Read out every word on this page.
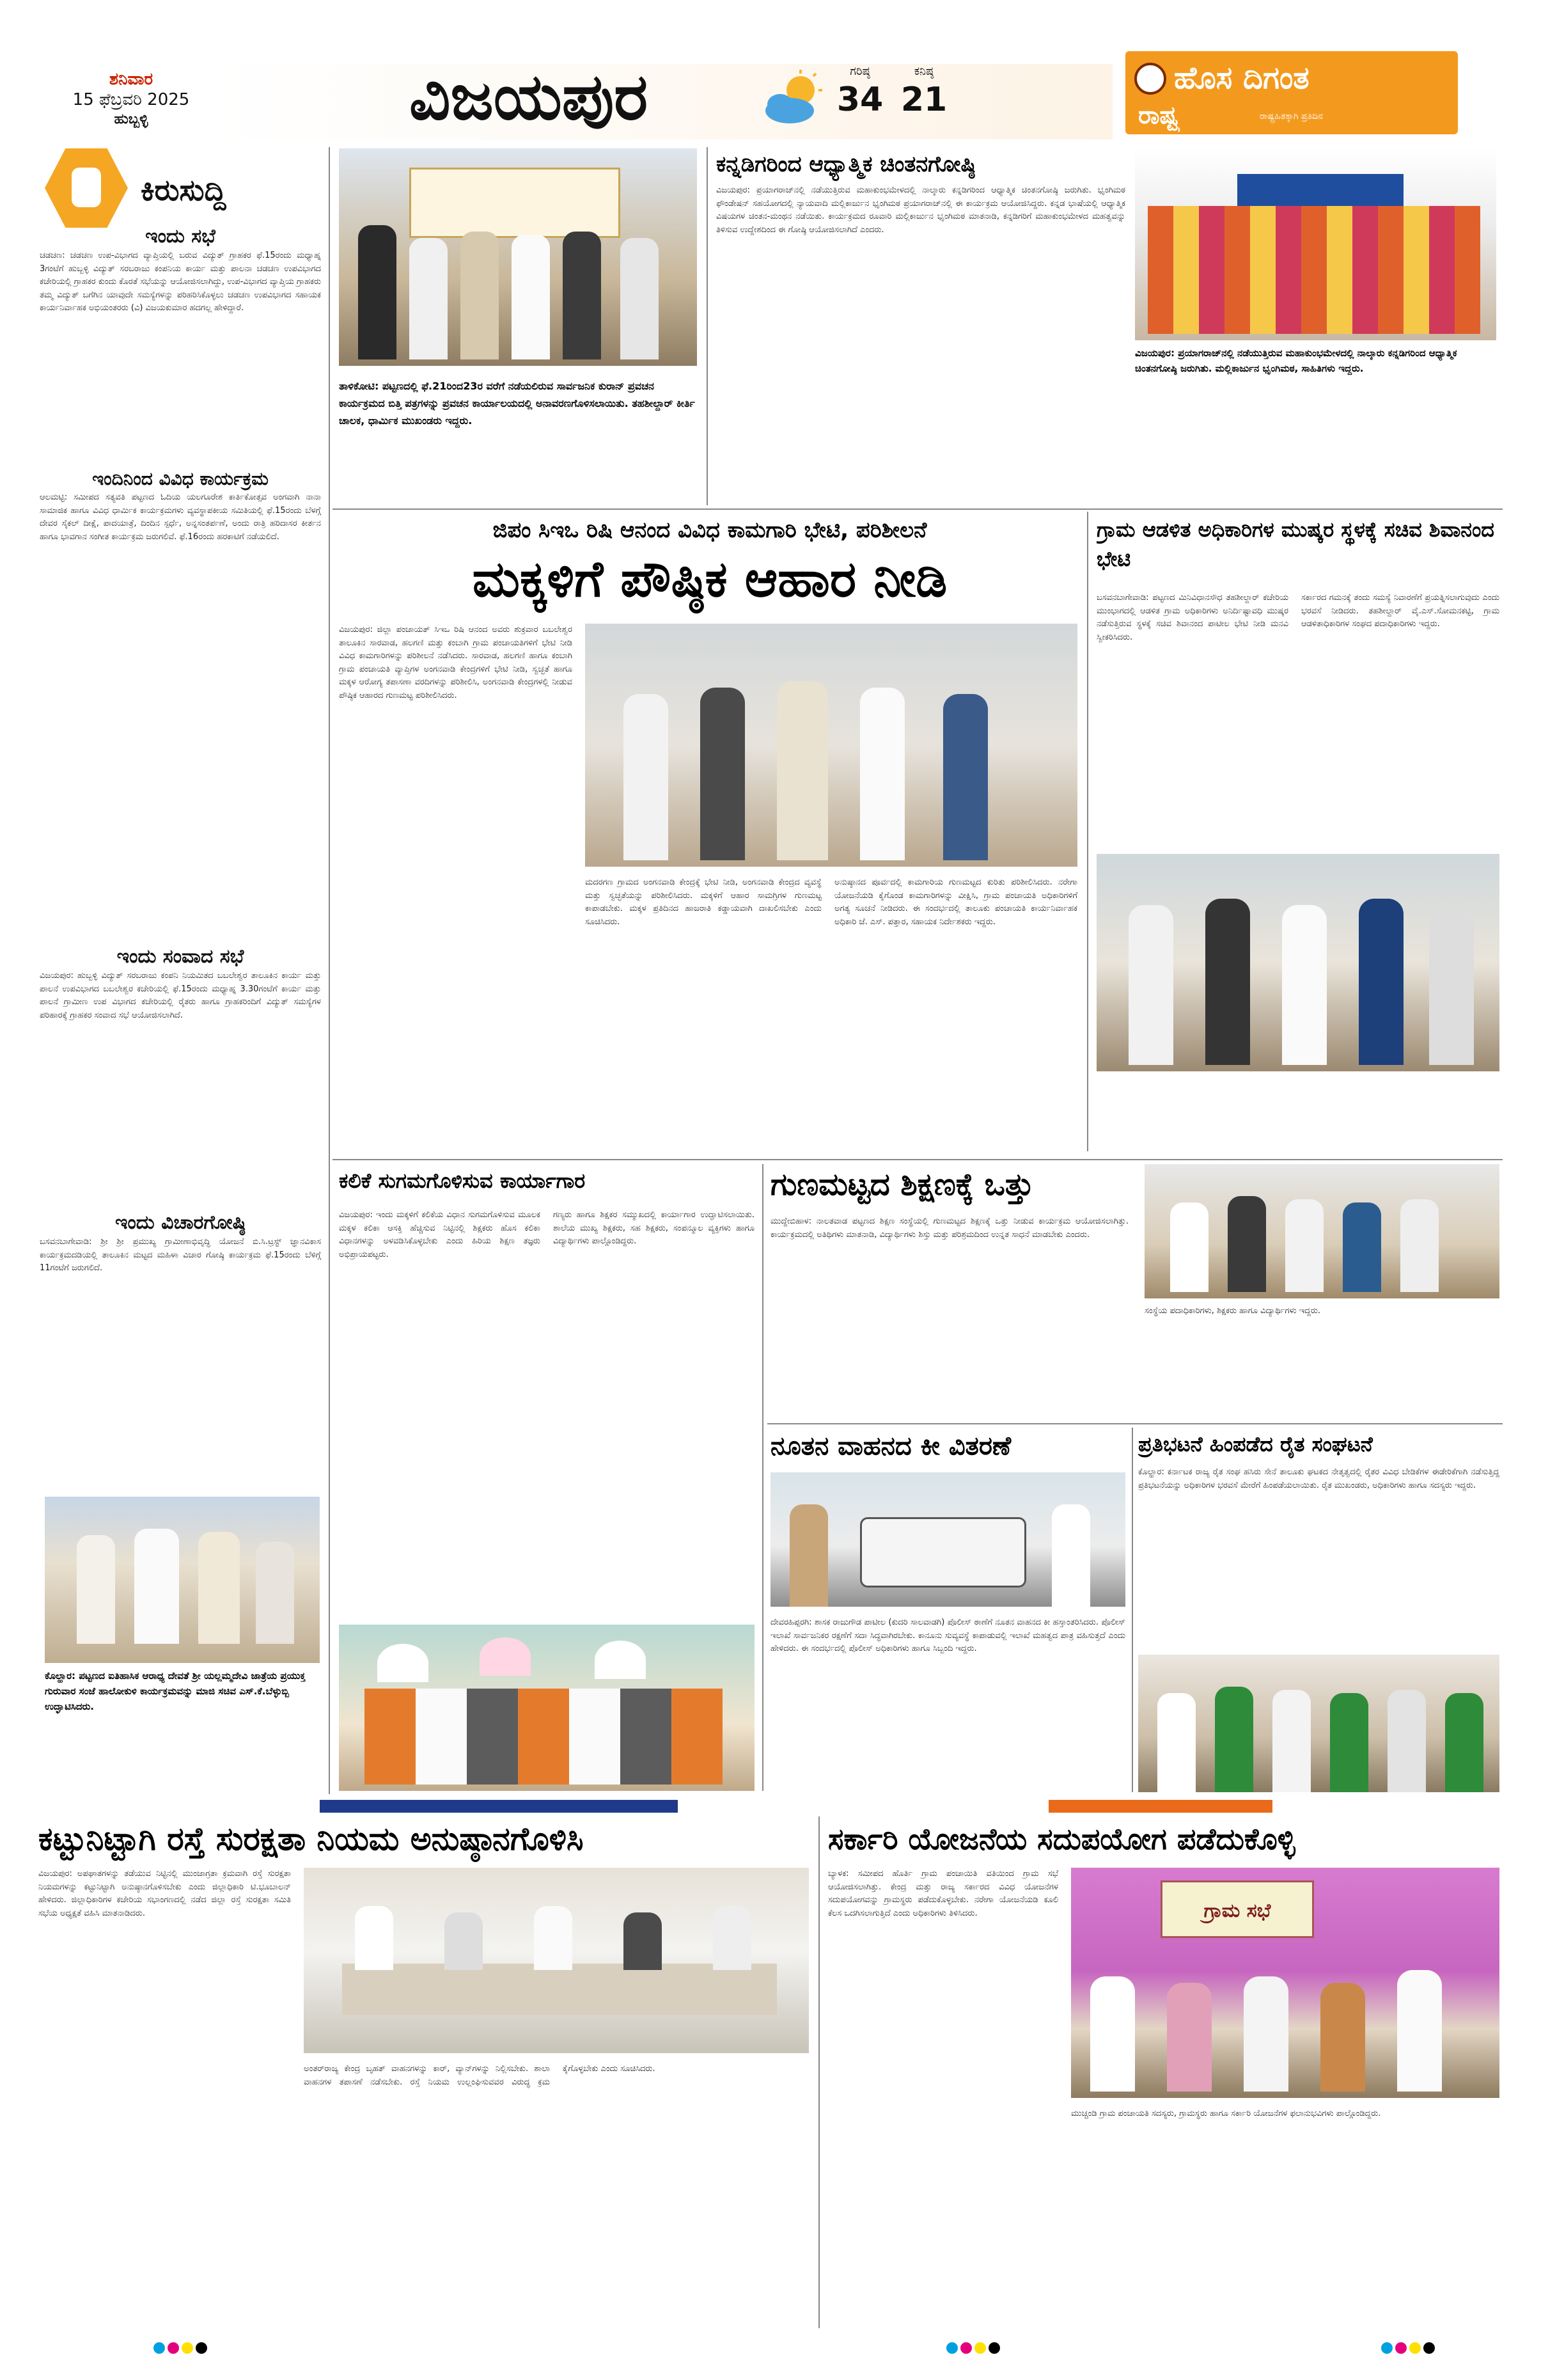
ಶನಿವಾರ
15 ಫೆಬ್ರವರಿ 2025
ಹುಬ್ಬಳ್ಳಿ	ವಿಜಯಪುರ	ಗರಿಷ್ಠ
34
ಕನಿಷ್ಠ
21
ಹೊಸ ದಿಗಂತ
ರಾಷ್ಟ್ರ	ರಾಷ್ಟ್ರಹಿತಕ್ಕಾಗಿ ಪ್ರತಿದಿನ
ಕಿರುಸುದ್ದಿ
ಇಂದು ಸಭೆ
ಚಡಚಣ: ಚಡಚಣ ಉಪ-ವಿಭಾಗದ ವ್ಯಾಪ್ತಿಯಲ್ಲಿ ಬರುವ ವಿದ್ಯುತ್ ಗ್ರಾಹಕರ ಫೆ.15ರಂದು ಮಧ್ಯಾಹ್ನ 3ಗಂಟೆಗೆ ಹುಬ್ಬಳ್ಳಿ ವಿದ್ಯುತ್ ಸರಬರಾಜು ಕಂಪನಿಯ ಕಾರ್ಯ ಮತ್ತು ಪಾಲನಾ ಚಡಚಣ ಉಪವಿಭಾಗದ ಕಚೇರಿಯಲ್ಲಿ ಗ್ರಾಹಕರ ಕುಂದು ಕೊರತೆ ಸಭೆಯನ್ನು ಆಯೋಜಿಸಲಾಗಿದ್ದು, ಉಪ-ವಿಭಾಗದ ವ್ಯಾಪ್ತಿಯ ಗ್ರಾಹಕರು ತಮ್ಮ ವಿದ್ಯುತ್ ಬಗೆಗಿನ ಯಾವುದೇ ಸಮಸ್ಯೆಗಳನ್ನು ಪರಿಹರಿಸಿಕೊಳ್ಳಲು ಚಡಚಣ ಉಪವಿಭಾಗದ ಸಹಾಯಕ ಕಾರ್ಯನಿರ್ವಾಹಕ ಅಭಿಯಂತರರು (ವಿ) ವಿಜಯಕುಮಾರ ಹದಗಲ್ಲ ಹೇಳಿದ್ದಾರೆ.
ಇಂದಿನಿಂದ ವಿವಿಧ ಕಾರ್ಯಕ್ರಮ
ಆಲಮಟ್ಟಿ: ಸಮೀಪದ ಸತ್ಯವತಿ ಪಟ್ಟಣದ ಓದಿಯ ಯಲಗೂರೇಶ ಕಾರ್ತಿಕೋತ್ಸವ ಅಂಗವಾಗಿ ನಾನಾ ಸಾಮಾಜಿಕ ಹಾಗೂ ವಿವಿಧ ಧಾರ್ಮಿಕ ಕಾರ್ಯಕ್ರಮಗಳು ವ್ಯವಸ್ಥಾಪಕೀಯ ಸಮಿತಿಯಲ್ಲಿ ಫೆ.15ರಂದು ಬೆಳಗ್ಗೆ ದೇವರ ಸೈಕಲ್ ದೀಕ್ಷೆ, ಪಾದಯಾತ್ರೆ, ದಿಂದಿನ ಸ್ಪರ್ಧೆ, ಅನ್ನಸಂತರ್ಪಣೆ, ಅಂದು ರಾತ್ರಿ ಹರಿದಾಸರ ಕೀರ್ತನ ಹಾಗೂ ಭಾವಗಾನ ಸಂಗೀತ ಕಾರ್ಯಕ್ರಮ ಜರುಗಲಿವೆ. ಫೆ.16ರಂದು ಹರಕಾಟಿಗೆ ನಡೆಯಲಿದೆ.
ಇಂದು ಸಂವಾದ ಸಭೆ
ವಿಜಯಪುರ: ಹುಬ್ಬಳ್ಳಿ ವಿದ್ಯುತ್ ಸರಬರಾಜು ಕಂಪನಿ ನಿಯಮಿತದ ಬಬಲೇಶ್ವರ ತಾಲೂಕಿನ ಕಾರ್ಯ ಮತ್ತು ಪಾಲನೆ ಉಪವಿಭಾಗದ ಬಬಲೇಶ್ವರ ಕಚೇರಿಯಲ್ಲಿ ಫೆ.15ರಂದು ಮಧ್ಯಾಹ್ನ 3.30ಗಂಟೆಗೆ ಕಾರ್ಯ ಮತ್ತು ಪಾಲನೆ ಗ್ರಾಮೀಣ ಉಪ ವಿಭಾಗದ ಕಚೇರಿಯಲ್ಲಿ ರೈತರು ಹಾಗೂ ಗ್ರಾಹಕರಿಂದಿಗೆ ವಿದ್ಯುತ್ ಸಮಸ್ಯೆಗಳ ಪರಿಹಾರಕ್ಕೆ ಗ್ರಾಹಕರ ಸಂವಾದ ಸಭೆ ಆಯೋಜಿಸಲಾಗಿದೆ.
ಇಂದು ವಿಚಾರಗೋಷ್ಠಿ
ಬಸವನಬಾಗೇವಾಡಿ: ಶ್ರೀ ಶ್ರೀ ಪ್ರಮುಖ್ಯ ಗ್ರಾಮೀಣಾಭಿವೃದ್ಧಿ ಯೋಜನೆ ಬಿ.ಸಿ.ಟ್ರಸ್ಟ್ ಜ್ಞಾನವಿಕಾಸ ಕಾರ್ಯಕ್ರಮದಡಿಯಲ್ಲಿ ತಾಲೂಕಿನ ಮಟ್ಟದ ಮಹಿಳಾ ವಿಚಾರ ಗೋಷ್ಠಿ ಕಾರ್ಯಕ್ರಮ ಫೆ.15ರಂದು ಬೆಳಿಗ್ಗೆ 11ಗಂಟೆಗೆ ಜರುಗಲಿದೆ.
ಕೊಲ್ಹಾರ: ಪಟ್ಟಣದ ಐತಿಹಾಸಿಕ ಆರಾಧ್ಯ ದೇವತೆ ಶ್ರೀ ಯಲ್ಲಮ್ಮದೇವಿ ಜಾತ್ರೆಯ ಪ್ರಯುಕ್ತ ಗುರುವಾರ ಸಂಜೆ ಹಾಲೋಕುಳಿ ಕಾರ್ಯಕ್ರಮವನ್ನು ಮಾಜಿ ಸಚಿವ ಎಸ್.ಕೆ.ಬೆಳ್ಳುಬ್ಬಿ ಉದ್ಘಾಟಿಸಿದರು.
ತಾಳಿಕೋಟಿ: ಪಟ್ಟಣದಲ್ಲಿ ಫೆ.21ರಿಂದ23ರ ವರೆಗೆ ನಡೆಯಲಿರುವ ಸಾರ್ವಜನಿಕ ಕುರಾನ್ ಪ್ರವಚನ ಕಾರ್ಯಕ್ರಮದ ಬಿತ್ತಿ ಪತ್ರಗಳನ್ನು ಪ್ರವಚನ ಕಾರ್ಯಾಲಯದಲ್ಲಿ ಅನಾವರಣಗೊಳಿಸಲಾಯಿತು. ತಹಶೀಲ್ದಾರ್ ಕೀರ್ತಿ ಚಾಲಕ, ಧಾರ್ಮಿಕ ಮುಖಂಡರು ಇದ್ದರು.
ಕನ್ನಡಿಗರಿಂದ ಆಧ್ಯಾತ್ಮಿಕ ಚಿಂತನಗೋಷ್ಠಿ
ವಿಜಯಪುರ: ಪ್ರಯಾಗರಾಜ್‌ನಲ್ಲಿ ನಡೆಯುತ್ತಿರುವ ಮಹಾಕುಂಭಮೇಳದಲ್ಲಿ ನಾಲ್ಕಾರು ಕನ್ನಡಿಗರಿಂದ ಆಧ್ಯಾತ್ಮಿಕ ಚಿಂತನಗೋಷ್ಠಿ ಜರುಗಿತು. ಭೃಂಗಿಮಠ ಫೌಂಡೇಷನ್ ಸಹಯೋಗದಲ್ಲಿ ನ್ಯಾಯವಾದಿ ಮಲ್ಲಿಕಾರ್ಜುನ ಭೃಂಗಿಮಠ ಪ್ರಯಾಗರಾಜ್‌ನಲ್ಲಿ ಈ ಕಾರ್ಯಕ್ರಮ ಆಯೋಜಿಸಿದ್ದರು. ಕನ್ನಡ ಭಾಷೆಯಲ್ಲಿ ಆಧ್ಯಾತ್ಮಿಕ ವಿಷಯಗಳ ಚಿಂತನ-ಮಂಥನ ನಡೆಯಿತು. ಕಾರ್ಯಕ್ರಮದ ರೂವಾರಿ ಮಲ್ಲಿಕಾರ್ಜುನ ಭೃಂಗಿಮಠ ಮಾತನಾಡಿ, ಕನ್ನಡಿಗರಿಗೆ ಮಹಾಕುಂಭಮೇಳದ ಮಹತ್ವವನ್ನು ತಿಳಿಸುವ ಉದ್ದೇಶದಿಂದ ಈ ಗೋಷ್ಠಿ ಆಯೋಜಿಸಲಾಗಿದೆ ಎಂದರು.
ವಿಜಯಪುರ: ಪ್ರಯಾಗರಾಜ್‌ನಲ್ಲಿ ನಡೆಯುತ್ತಿರುವ ಮಹಾಕುಂಭಮೇಳದಲ್ಲಿ ನಾಲ್ಕಾರು ಕನ್ನಡಿಗರಿಂದ ಆಧ್ಯಾತ್ಮಿಕ ಚಿಂತನಗೋಷ್ಠಿ ಜರುಗಿತು. ಮಲ್ಲಿಕಾರ್ಜುನ ಭೃಂಗಿಮಠ, ಸಾಹಿತಿಗಳು ಇದ್ದರು.
ಜಿಪಂ ಸಿಇಒ ರಿಷಿ ಆನಂದ ವಿವಿಧ ಕಾಮಗಾರಿ ಭೇಟಿ, ಪರಿಶೀಲನೆ
ಮಕ್ಕಳಿಗೆ ಪೌಷ್ಠಿಕ ಆಹಾರ ನೀಡಿ
ವಿಜಯಪುರ: ಜಿಲ್ಲಾ ಪಂಚಾಯತ್ ಸಿಇಒ ರಿಷಿ ಆನಂದ ಅವರು ಶುಕ್ರವಾರ ಬಬಲೇಶ್ವರ ತಾಲೂಕಿನ ಸಾರವಾಡ, ಹಲಗಣಿ ಮತ್ತು ಕಂಬಾಗಿ ಗ್ರಾಮ ಪಂಚಾಯತಿಗಳಿಗೆ ಭೇಟಿ ನೀಡಿ ವಿವಿಧ ಕಾಮಗಾರಿಗಳನ್ನು ಪರಿಶೀಲನೆ ನಡೆಸಿದರು. ಸಾರವಾಡ, ಹಲಗಣಿ ಹಾಗೂ ಕಂಬಾಗಿ ಗ್ರಾಮ ಪಂಚಾಯತಿ ವ್ಯಾಪ್ತಿಗಳ ಅಂಗನವಾಡಿ ಕೇಂದ್ರಗಳಿಗೆ ಭೇಟಿ ನೀಡಿ, ಸ್ವಚ್ಛತೆ ಹಾಗೂ ಮಕ್ಕಳ ಆರೋಗ್ಯ ತಪಾಸಣಾ ವರದಿಗಳನ್ನು ಪರಿಶೀಲಿಸಿ, ಅಂಗನವಾಡಿ ಕೇಂದ್ರಗಳಲ್ಲಿ ನೀಡುವ ಪೌಷ್ಠಿಕ ಆಹಾರದ ಗುಣಮಟ್ಟ ಪರಿಶೀಲಿಸಿದರು.
ಮದರಗಣ ಗ್ರಾಮದ ಅಂಗನವಾಡಿ ಕೇಂದ್ರಕ್ಕೆ ಭೇಟಿ ನೀಡಿ, ಅಂಗನವಾಡಿ ಕೇಂದ್ರದ ವ್ಯವಸ್ಥೆ ಮತ್ತು ಸ್ವಚ್ಛತೆಯನ್ನು ಪರಿಶೀಲಿಸಿದರು. ಮಕ್ಕಳಿಗೆ ಆಹಾರ ಸಾಮಗ್ರಿಗಳ ಗುಣಮಟ್ಟ ಕಾಪಾಡಬೇಕು. ಮಕ್ಕಳ ಪ್ರತಿದಿನದ ಹಾಜರಾತಿ ಕಡ್ಡಾಯವಾಗಿ ದಾಖಲಿಸಬೇಕು ಎಂದು ಸೂಚಿಸಿದರು.
ಅನುಷ್ಠಾನದ ಪೂರ್ವದಲ್ಲಿ ಕಾಮಗಾರಿಯ ಗುಣಮಟ್ಟದ ಕುರಿತು ಪರಿಶೀಲಿಸಿದರು. ನರೇಗಾ ಯೋಜನೆಯಡಿ ಕೈಗೊಂಡ ಕಾಮಗಾರಿಗಳನ್ನು ವೀಕ್ಷಿಸಿ, ಗ್ರಾಮ ಪಂಚಾಯತಿ ಅಧಿಕಾರಿಗಳಿಗೆ ಅಗತ್ಯ ಸೂಚನೆ ನೀಡಿದರು. ಈ ಸಂದರ್ಭದಲ್ಲಿ ತಾಲೂಕು ಪಂಚಾಯತಿ ಕಾರ್ಯನಿರ್ವಾಹಕ ಅಧಿಕಾರಿ ಜೆ. ಎಸ್. ಪತ್ತಾರ, ಸಹಾಯಕ ನಿರ್ದೇಶಕರು ಇದ್ದರು.
ಗ್ರಾಮ ಆಡಳಿತ ಅಧಿಕಾರಿಗಳ ಮುಷ್ಕರ ಸ್ಥಳಕ್ಕೆ ಸಚಿವ ಶಿವಾನಂದ ಭೇಟಿ
ಬಸವನಬಾಗೇವಾಡಿ: ಪಟ್ಟಣದ ಮಿನಿವಿಧಾನಸೌಧ ತಹಶೀಲ್ದಾರ್ ಕಚೇರಿಯ ಮುಂಭಾಗದಲ್ಲಿ ಆಡಳಿತ ಗ್ರಾಮ ಅಧಿಕಾರಿಗಳು ಅನಿರ್ದಿಷ್ಟಾವಧಿ ಮುಷ್ಕರ ನಡೆಸುತ್ತಿರುವ ಸ್ಥಳಕ್ಕೆ ಸಚಿವ ಶಿವಾನಂದ ಪಾಟೀಲ ಭೇಟಿ ನೀಡಿ ಮನವಿ ಸ್ವೀಕರಿಸಿದರು.
ಸರ್ಕಾರದ ಗಮನಕ್ಕೆ ತಂದು ಸಮಸ್ಯೆ ನಿವಾರಣೆಗೆ ಪ್ರಯತ್ನಿಸಲಾಗುವುದು ಎಂದು ಭರವಸೆ ನೀಡಿದರು. ತಹಶೀಲ್ದಾರ್ ವೈ.ಎಸ್.ಸೋಮನಕಟ್ಟಿ, ಗ್ರಾಮ ಆಡಳಿತಾಧಿಕಾರಿಗಳ ಸಂಘದ ಪದಾಧಿಕಾರಿಗಳು ಇದ್ದರು.
ಕಲಿಕೆ ಸುಗಮಗೊಳಿಸುವ ಕಾರ್ಯಾಗಾರ
ವಿಜಯಪುರ: ಇಂದು ಮಕ್ಕಳಿಗೆ ಕಲಿಕೆಯ ವಿಧಾನ ಸುಗಮಗೊಳಿಸುವ ಮೂಲಕ ಮಕ್ಕಳ ಕಲಿಕಾ ಆಸಕ್ತಿ ಹೆಚ್ಚಿಸುವ ನಿಟ್ಟಿನಲ್ಲಿ ಶಿಕ್ಷಕರು ಹೊಸ ಕಲಿಕಾ ವಿಧಾನಗಳನ್ನು ಅಳವಡಿಸಿಕೊಳ್ಳಬೇಕು ಎಂದು ಹಿರಿಯ ಶಿಕ್ಷಣ ತಜ್ಞರು ಅಭಿಪ್ರಾಯಪಟ್ಟರು.
ಗಣ್ಯರು ಹಾಗೂ ಶಿಕ್ಷಕರ ಸಮ್ಮುಖದಲ್ಲಿ ಕಾರ್ಯಾಗಾರ ಉದ್ಘಾಟಿಸಲಾಯಿತು. ಶಾಲೆಯ ಮುಖ್ಯ ಶಿಕ್ಷಕರು, ಸಹ ಶಿಕ್ಷಕರು, ಸಂಪನ್ಮೂಲ ವ್ಯಕ್ತಿಗಳು ಹಾಗೂ ವಿದ್ಯಾರ್ಥಿಗಳು ಪಾಲ್ಗೊಂಡಿದ್ದರು.
ಗುಣಮಟ್ಟದ ಶಿಕ್ಷಣಕ್ಕೆ ಒತ್ತು
ಮುದ್ದೇಬಿಹಾಳ: ನಾಲತವಾಡ ಪಟ್ಟಣದ ಶಿಕ್ಷಣ ಸಂಸ್ಥೆಯಲ್ಲಿ ಗುಣಮಟ್ಟದ ಶಿಕ್ಷಣಕ್ಕೆ ಒತ್ತು ನೀಡುವ ಕಾರ್ಯಕ್ರಮ ಆಯೋಜಿಸಲಾಗಿತ್ತು. ಕಾರ್ಯಕ್ರಮದಲ್ಲಿ ಅತಿಥಿಗಳು ಮಾತನಾಡಿ, ವಿದ್ಯಾರ್ಥಿಗಳು ಶಿಸ್ತು ಮತ್ತು ಪರಿಶ್ರಮದಿಂದ ಉನ್ನತ ಸಾಧನೆ ಮಾಡಬೇಕು ಎಂದರು.
ಸಂಸ್ಥೆಯ ಪದಾಧಿಕಾರಿಗಳು, ಶಿಕ್ಷಕರು ಹಾಗೂ ವಿದ್ಯಾರ್ಥಿಗಳು ಇದ್ದರು.
ನೂತನ ವಾಹನದ ಕೀ ವಿತರಣೆ
ದೇವರಹಿಪ್ಪರಗಿ: ಶಾಸಕ ರಾಜುಗೌಡ ಪಾಟೀಲ (ಕುದರಿ ಸಾಲವಾಡಗಿ) ಪೊಲೀಸ್ ಠಾಣೆಗೆ ನೂತನ ವಾಹನದ ಕೀ ಹಸ್ತಾಂತರಿಸಿದರು. ಪೊಲೀಸ್ ಇಲಾಖೆ ಸಾರ್ವಜನಿಕರ ರಕ್ಷಣೆಗೆ ಸದಾ ಸಿದ್ಧವಾಗಿರಬೇಕು. ಕಾನೂನು ಸುವ್ಯವಸ್ಥೆ ಕಾಪಾಡುವಲ್ಲಿ ಇಲಾಖೆ ಮಹತ್ವದ ಪಾತ್ರ ವಹಿಸುತ್ತದೆ ಎಂದು ಹೇಳಿದರು. ಈ ಸಂದರ್ಭದಲ್ಲಿ ಪೊಲೀಸ್ ಅಧಿಕಾರಿಗಳು ಹಾಗೂ ಸಿಬ್ಬಂದಿ ಇದ್ದರು.
ಪ್ರತಿಭಟನೆ ಹಿಂಪಡೆದ ರೈತ ಸಂಘಟನೆ
ಕೊಲ್ಹಾರ: ಕರ್ನಾಟಕ ರಾಜ್ಯ ರೈತ ಸಂಘ ಹಸಿರು ಸೇನೆ ತಾಲೂಕು ಘಟಕದ ನೇತೃತ್ವದಲ್ಲಿ ರೈತರ ವಿವಿಧ ಬೇಡಿಕೆಗಳ ಈಡೇರಿಕೆಗಾಗಿ ನಡೆಸುತ್ತಿದ್ದ ಪ್ರತಿಭಟನೆಯನ್ನು ಅಧಿಕಾರಿಗಳ ಭರವಸೆ ಮೇರೆಗೆ ಹಿಂಪಡೆಯಲಾಯಿತು. ರೈತ ಮುಖಂಡರು, ಅಧಿಕಾರಿಗಳು ಹಾಗೂ ಸದಸ್ಯರು ಇದ್ದರು.
ಕಟ್ಟುನಿಟ್ಟಾಗಿ ರಸ್ತೆ ಸುರಕ್ಷತಾ ನಿಯಮ ಅನುಷ್ಠಾನಗೊಳಿಸಿ
ವಿಜಯಪುರ: ಅಪಘಾತಗಳನ್ನು ತಡೆಯುವ ನಿಟ್ಟಿನಲ್ಲಿ ಮುಂಜಾಗ್ರತಾ ಕ್ರಮವಾಗಿ ರಸ್ತೆ ಸುರಕ್ಷತಾ ನಿಯಮಗಳನ್ನು ಕಟ್ಟುನಿಟ್ಟಾಗಿ ಅನುಷ್ಠಾನಗೊಳಿಸಬೇಕು ಎಂದು ಜಿಲ್ಲಾಧಿಕಾರಿ ಟಿ.ಭೂಬಾಲನ್ ಹೇಳಿದರು. ಜಿಲ್ಲಾಧಿಕಾರಿಗಳ ಕಚೇರಿಯ ಸಭಾಂಗಣದಲ್ಲಿ ನಡೆದ ಜಿಲ್ಲಾ ರಸ್ತೆ ಸುರಕ್ಷತಾ ಸಮಿತಿ ಸಭೆಯ ಅಧ್ಯಕ್ಷತೆ ವಹಿಸಿ ಮಾತನಾಡಿದರು.
ಅಂತರ್‌ರಾಜ್ಯ ಕೇಂದ್ರ ಬೃಹತ್ ವಾಹನಗಳನ್ನು ಕಾರ್, ವ್ಯಾನ್‌ಗಳನ್ನು ನಿಲ್ಲಿಸಬೇಕು. ಶಾಲಾ ವಾಹನಗಳ ತಪಾಸಣೆ ನಡೆಸಬೇಕು. ರಸ್ತೆ ನಿಯಮ ಉಲ್ಲಂಘಿಸುವವರ ವಿರುದ್ಧ ಕ್ರಮ ಕೈಗೊಳ್ಳಬೇಕು ಎಂದು ಸೂಚಿಸಿದರು.
ಸರ್ಕಾರಿ ಯೋಜನೆಯ ಸದುಪಯೋಗ ಪಡೆದುಕೊಳ್ಳಿ
ಬ್ಯಾಳಕ: ಸಮೀಪದ ಹೊರ್ತಿ ಗ್ರಾಮ ಪಂಚಾಯಿತಿ ವತಿಯಿಂದ ಗ್ರಾಮ ಸಭೆ ಆಯೋಜಿಸಲಾಗಿತ್ತು. ಕೇಂದ್ರ ಮತ್ತು ರಾಜ್ಯ ಸರ್ಕಾರದ ವಿವಿಧ ಯೋಜನೆಗಳ ಸದುಪಯೋಗವನ್ನು ಗ್ರಾಮಸ್ಥರು ಪಡೆದುಕೊಳ್ಳಬೇಕು. ನರೇಗಾ ಯೋಜನೆಯಡಿ ಕೂಲಿ ಕೆಲಸ ಒದಗಿಸಲಾಗುತ್ತಿದೆ ಎಂದು ಅಧಿಕಾರಿಗಳು ತಿಳಿಸಿದರು.	ಗ್ರಾಮ ಸಭೆ
ಮುಚ್ಚಂಡಿ ಗ್ರಾಮ ಪಂಚಾಯತಿ ಸದಸ್ಯರು, ಗ್ರಾಮಸ್ಥರು ಹಾಗೂ ಸರ್ಕಾರಿ ಯೋಜನೆಗಳ ಫಲಾನುಭವಿಗಳು ಪಾಲ್ಗೊಂಡಿದ್ದರು.
